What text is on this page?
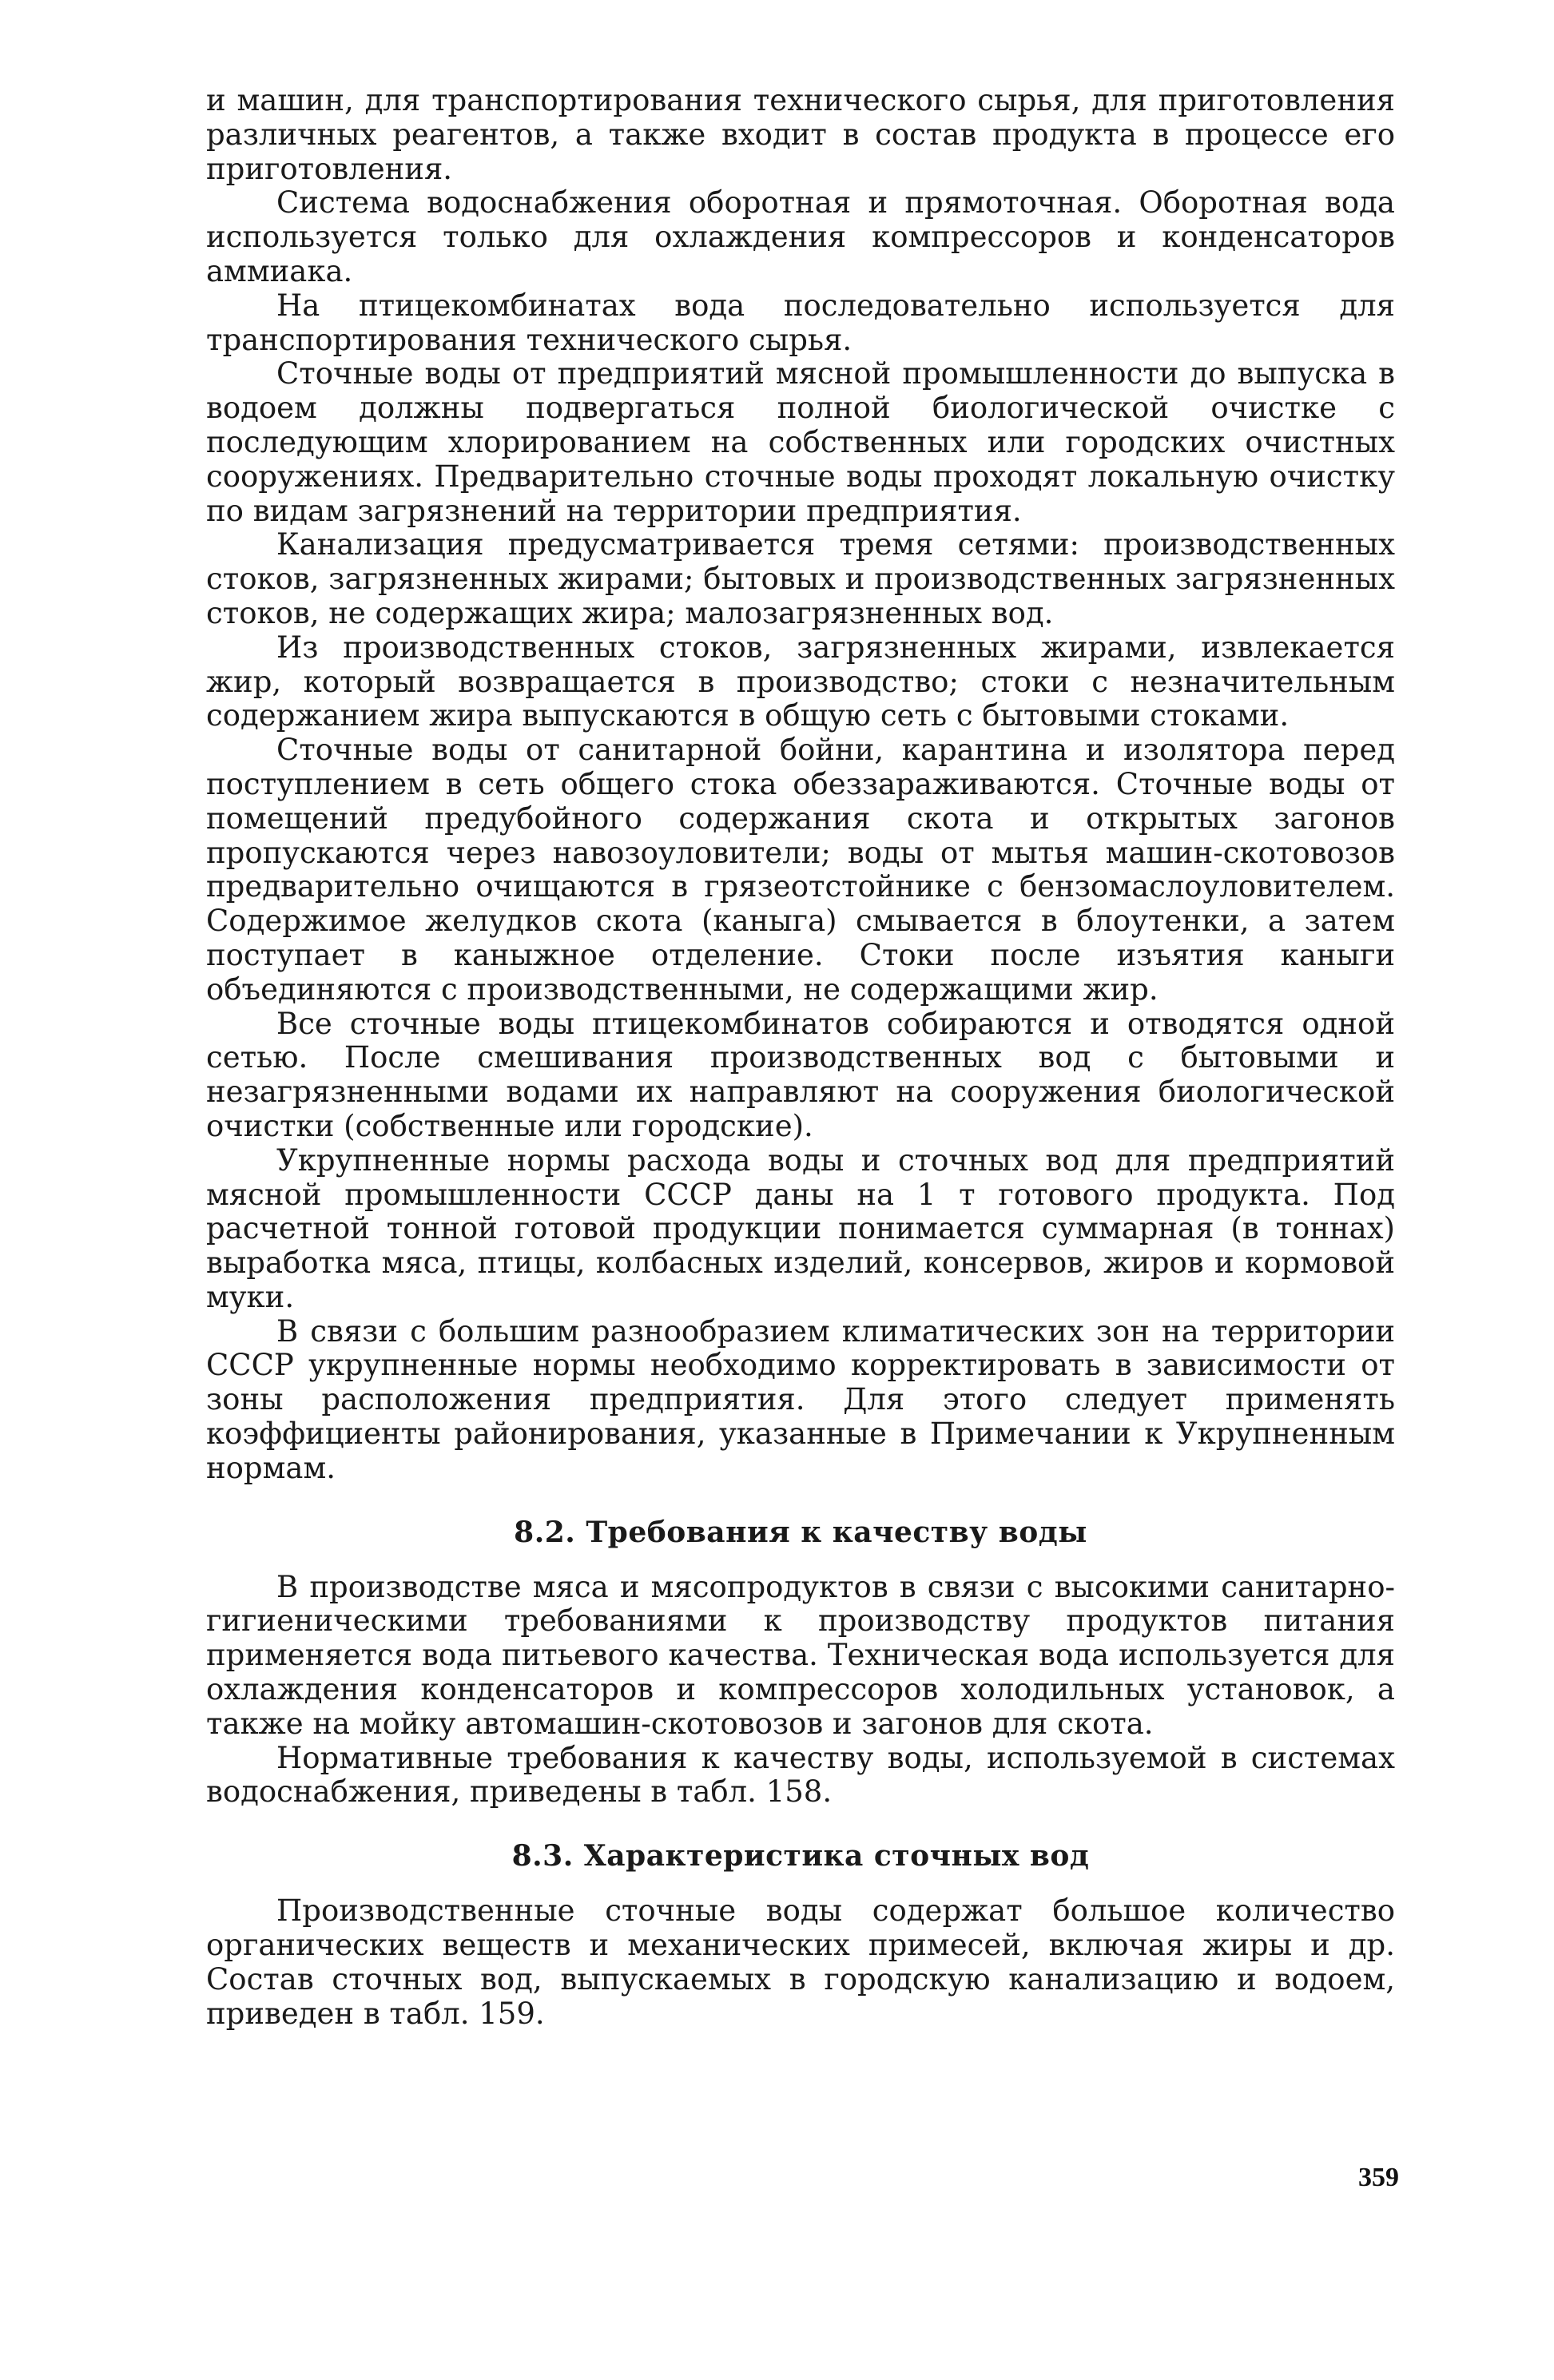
и машин, для транспортирования технического сырья, для приготовления различных реагентов, а также входит в состав продукта в процессе его приготовления.

Система водоснабжения оборотная и прямоточная. Оборотная вода используется только для охлаждения компрессоров и конденсаторов аммиака.

На птицекомбинатах вода последовательно используется для транспортирования технического сырья.

Сточные воды от предприятий мясной промышленности до выпуска в водоем должны подвергаться полной биологической очистке с последующим хлорированием на собственных или городских очистных сооружениях. Предварительно сточные воды проходят локальную очистку по видам загрязнений на территории предприятия.

Канализация предусматривается тремя сетями: производственных стоков, загрязненных жирами; бытовых и производственных загрязненных стоков, не содержащих жира; малозагрязненных вод.

Из производственных стоков, загрязненных жирами, извлекается жир, который возвращается в производство; стоки с незначительным содержанием жира выпускаются в общую сеть с бытовыми стоками.

Сточные воды от санитарной бойни, карантина и изолятора перед поступлением в сеть общего стока обеззараживаются. Сточные воды от помещений предубойного содержания скота и открытых загонов пропускаются через навозоуловители; воды от мытья машин-скотовозов предварительно очищаются в грязеотстойнике с бензомаслоуловителем. Содержимое желудков скота (каныга) смывается в блоутенки, а затем поступает в каныжное отделение. Стоки после изъятия каныги объединяются с производственными, не содержащими жир.

Все сточные воды птицекомбинатов собираются и отводятся одной сетью. После смешивания производственных вод с бытовыми и незагрязненными водами их направляют на сооружения биологической очистки (собственные или городские).

Укрупненные нормы расхода воды и сточных вод для предприятий мясной промышленности СССР даны на 1 т готового продукта. Под расчетной тонной готовой продукции понимается суммарная (в тоннах) выработка мяса, птицы, колбасных изделий, консервов, жиров и кормовой муки.

В связи с большим разнообразием климатических зон на территории СССР укрупненные нормы необходимо корректировать в зависимости от зоны расположения предприятия. Для этого следует применять коэффициенты районирования, указанные в Примечании к Укрупненным нормам.

8.2. Требования к качеству воды

В производстве мяса и мясопродуктов в связи с высокими санитарно-гигиеническими требованиями к производству продуктов питания применяется вода питьевого качества. Техническая вода используется для охлаждения конденсаторов и компрессоров холодильных установок, а также на мойку автомашин-скотовозов и загонов для скота.

Нормативные требования к качеству воды, используемой в системах водоснабжения, приведены в табл. 158.

8.3. Характеристика сточных вод

Производственные сточные воды содержат большое количество органических веществ и механических примесей, включая жиры и др. Состав сточных вод, выпускаемых в городскую канализацию и водоем, приведен в табл. 159.

359
